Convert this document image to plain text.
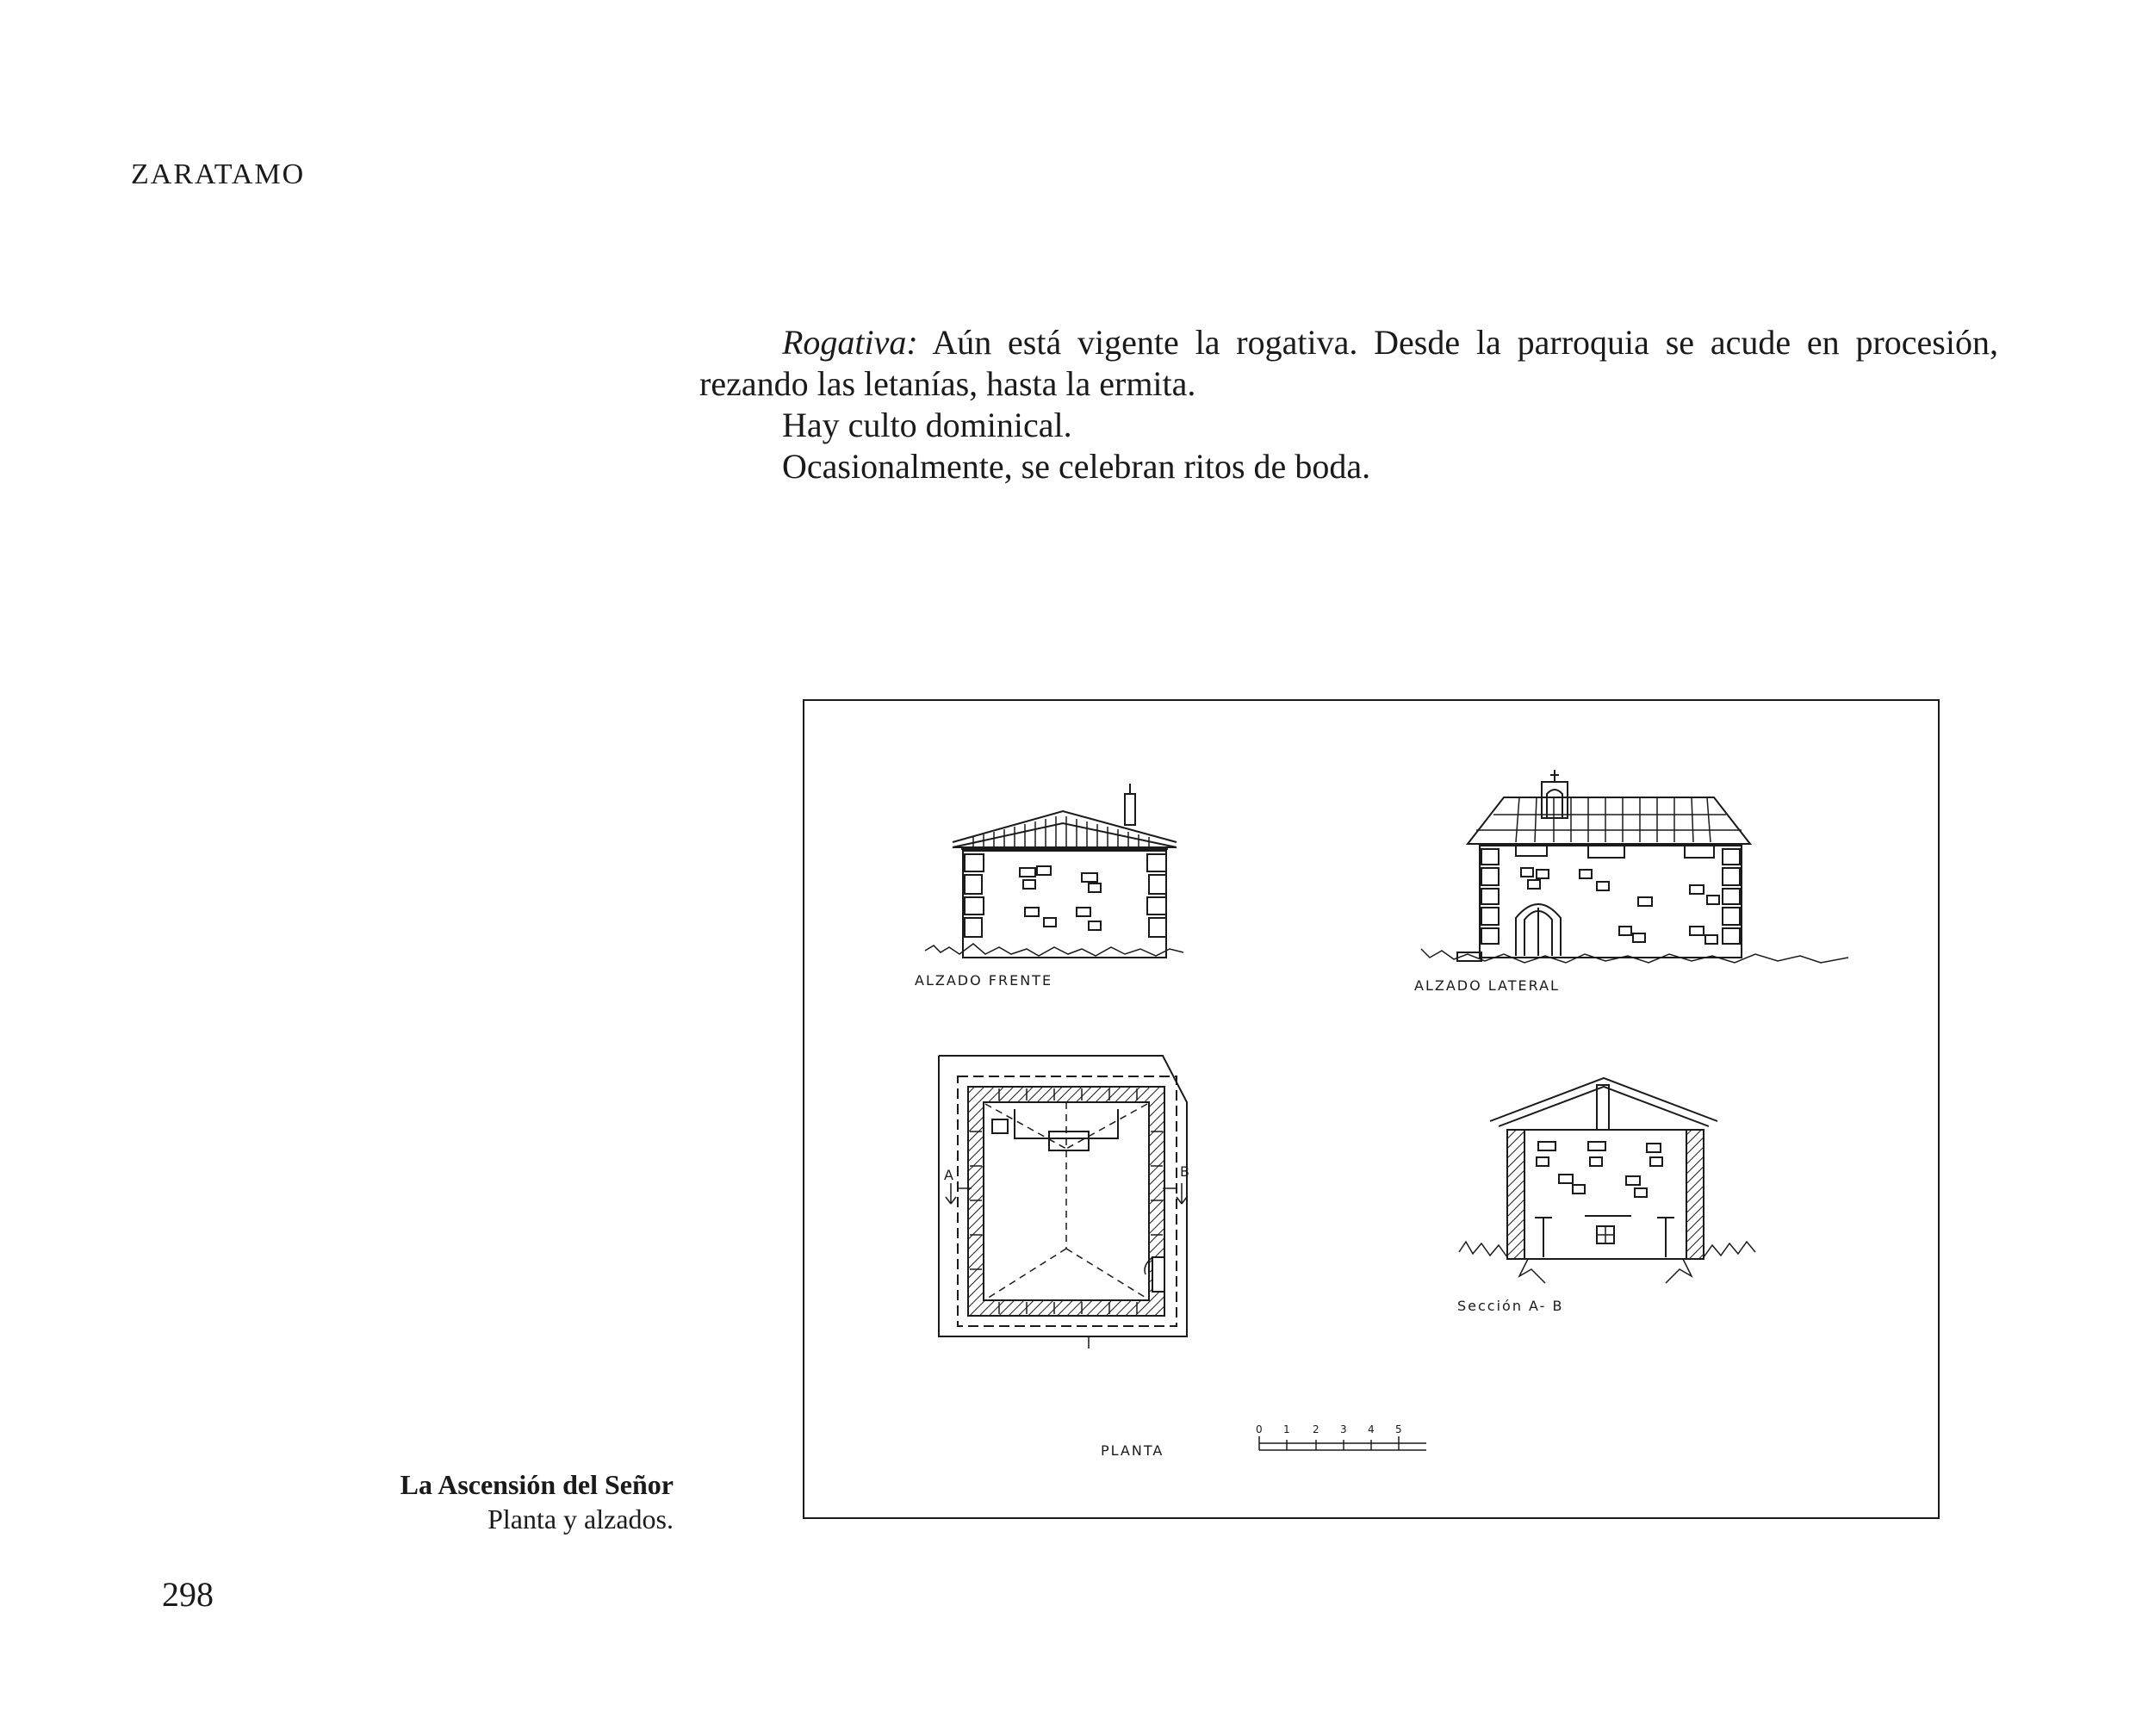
ZARATAMO

Rogativa: Aún está vigente la rogativa. Desde la parroquia se acude en procesión, rezando las letanías, hasta la ermita.

Hay culto dominical.

Ocasionalmente, se celebran ritos de boda.

La Ascensión del Señor
Planta y alzados.
298
ALZADO FRENTE	ALZADO LATERAL
A	B
PLANTA
Sección A- B
0 1 2 3 4 5
